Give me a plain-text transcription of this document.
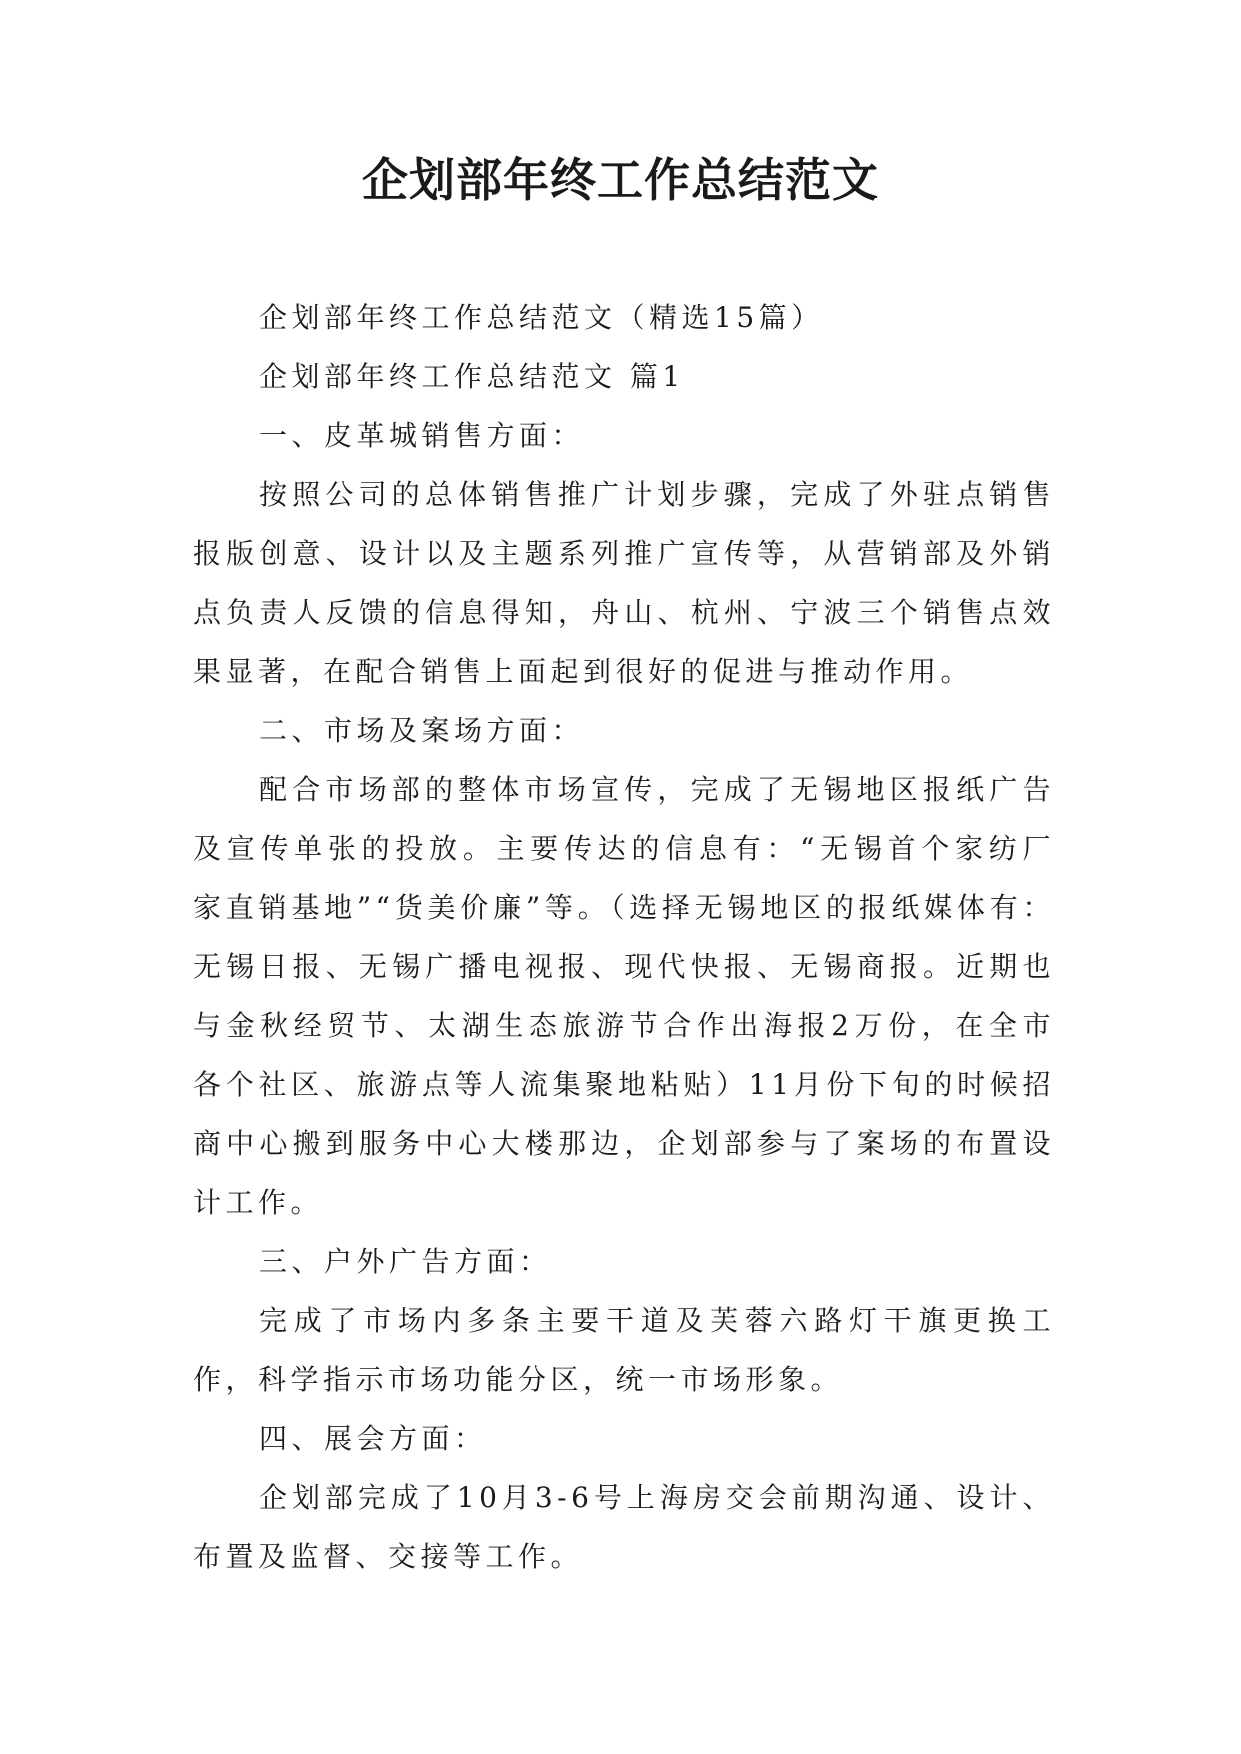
企划部年终工作总结范文

企划部年终工作总结范文（精选15篇）

企划部年终工作总结范文 篇1

一、皮革城销售方面：

按照公司的总体销售推广计划步骤，完成了外驻点销售报版创意、设计以及主题系列推广宣传等，从营销部及外销点负责人反馈的信息得知，舟山、杭州、宁波三个销售点效果显著，在配合销售上面起到很好的促进与推动作用。

二、市场及案场方面：

配合市场部的整体市场宣传，完成了无锡地区报纸广告及宣传单张的投放。主要传达的信息有：“无锡首个家纺厂家直销基地”“货美价廉”等。（选择无锡地区的报纸媒体有：无锡日报、无锡广播电视报、现代快报、无锡商报。近期也与金秋经贸节、太湖生态旅游节合作出海报2万份，在全市各个社区、旅游点等人流集聚地粘贴）11月份下旬的时候招商中心搬到服务中心大楼那边，企划部参与了案场的布置设计工作。

三、户外广告方面：

完成了市场内多条主要干道及芙蓉六路灯干旗更换工作，科学指示市场功能分区，统一市场形象。

四、展会方面：

企划部完成了10月3-6号上海房交会前期沟通、设计、布置及监督、交接等工作。
